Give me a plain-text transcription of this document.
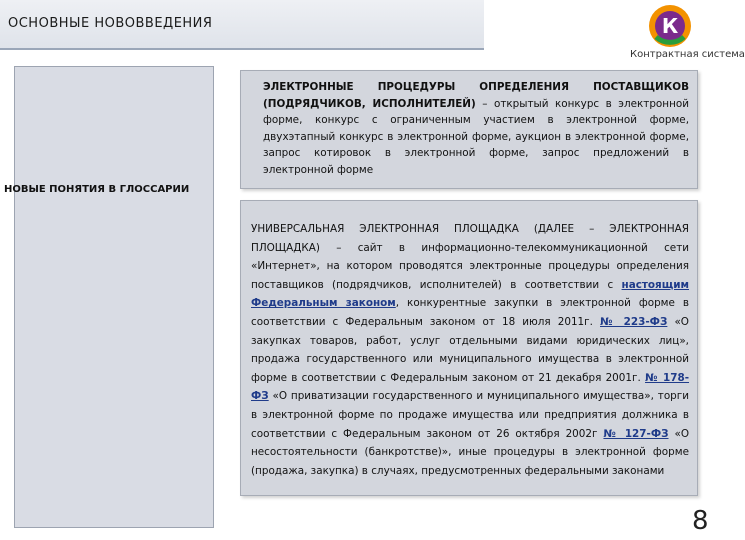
ОСНОВНЫЕ НОВОВВЕДЕНИЯ	К
Контрактная система
НОВЫЕ ПОНЯТИЯ В ГЛОССАРИИ
ЭЛЕКТРОННЫЕ ПРОЦЕДУРЫ ОПРЕДЕЛЕНИЯ ПОСТАВЩИКОВ (ПОДРЯДЧИКОВ, ИСПОЛНИТЕЛЕЙ) – открытый конкурс в электронной форме, конкурс с ограниченным участием в электронной форме, двухэтапный конкурс в электронной форме, аукцион в электронной форме, запрос котировок в электронной форме, запрос предложений в электронной форме
УНИВЕРСАЛЬНАЯ ЭЛЕКТРОННАЯ ПЛОЩАДКА (ДАЛЕЕ – ЭЛЕКТРОННАЯ ПЛОЩАДКА) – сайт в информационно-телекоммуникационной сети «Интернет», на котором проводятся электронные процедуры определения поставщиков (подрядчиков, исполнителей) в соответствии с настоящим Федеральным законом, конкурентные закупки в электронной форме в соответствии с Федеральным законом от 18 июля 2011г. № 223-ФЗ «О закупках товаров, работ, услуг отдельными видами юридических лиц», продажа государственного или муниципального имущества в электронной форме в соответствии с Федеральным законом от 21 декабря 2001г. № 178-ФЗ «О приватизации государственного и муниципального имущества», торги в электронной форме по продаже имущества или предприятия должника в соответствии с Федеральным законом от 26 октября 2002г № 127-ФЗ «О несостоятельности (банкротстве)», иные процедуры в электронной форме (продажа, закупка) в случаях, предусмотренных федеральными законами
8
